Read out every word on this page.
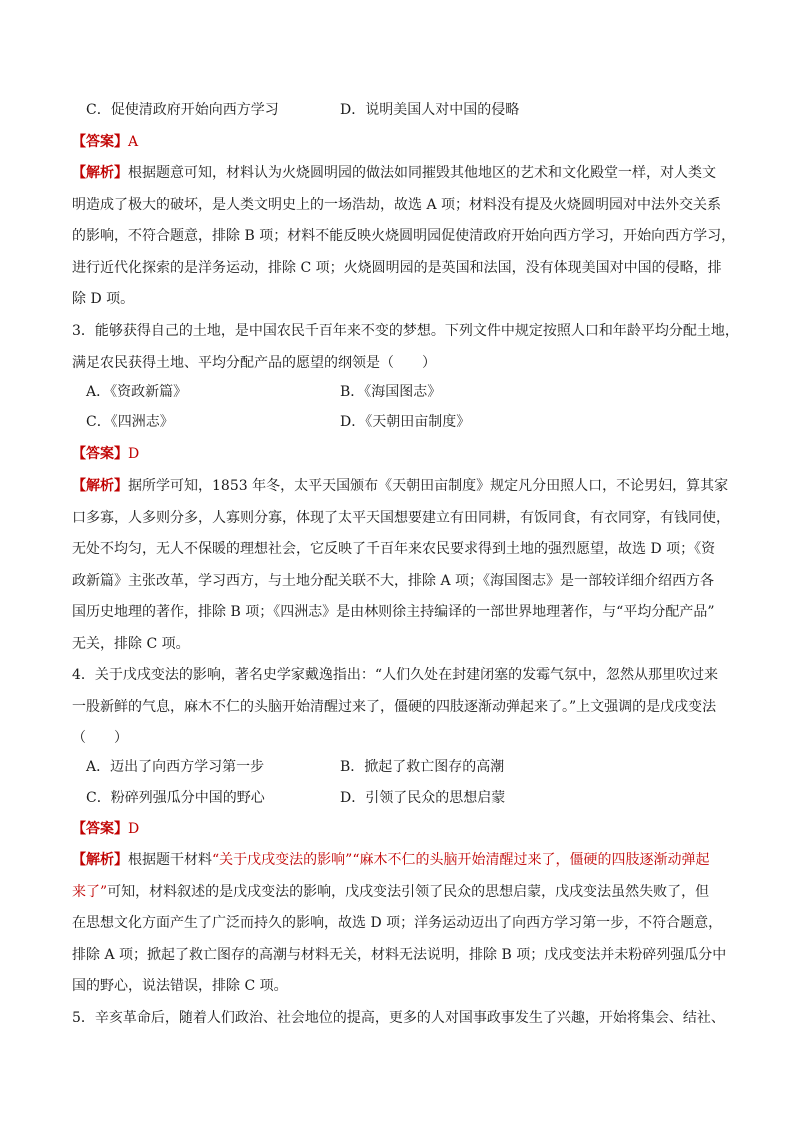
C．促使清政府开始向西方学习	D．说明美国人对中国的侵略
【答案】A
【解析】根据题意可知，材料认为火烧圆明园的做法如同摧毁其他地区的艺术和文化殿堂一样，对人类文
明造成了极大的破坏，是人类文明史上的一场浩劫，故选 A 项；材料没有提及火烧圆明园对中法外交关系
的影响，不符合题意，排除 B 项；材料不能反映火烧圆明园促使清政府开始向西方学习，开始向西方学习，
进行近代化探索的是洋务运动，排除 C 项；火烧圆明园的是英国和法国，没有体现美国对中国的侵略，排
除 D 项。
3．能够获得自己的土地，是中国农民千百年来不变的梦想。下列文件中规定按照人口和年龄平均分配土地，
满足农民获得土地、平均分配产品的愿望的纲领是（　　）
A．《资政新篇》	B．《海国图志》
C．《四洲志》	D．《天朝田亩制度》
【答案】D
【解析】据所学可知，1853 年冬，太平天国颁布《天朝田亩制度》规定凡分田照人口，不论男妇，算其家
口多寡，人多则分多，人寡则分寡，体现了太平天国想要建立有田同耕，有饭同食，有衣同穿，有钱同使，
无处不均匀，无人不保暖的理想社会，它反映了千百年来农民要求得到土地的强烈愿望，故选 D 项；《资
政新篇》主张改革，学习西方，与土地分配关联不大，排除 A 项；《海国图志》是一部较详细介绍西方各
国历史地理的著作，排除 B 项；《四洲志》是由林则徐主持编译的一部世界地理著作，与“平均分配产品”
无关，排除 C 项。
4．关于戊戌变法的影响，著名史学家戴逸指出：“人们久处在封建闭塞的发霉气氛中，忽然从那里吹过来
一股新鲜的气息，麻木不仁的头脑开始清醒过来了，僵硬的四肢逐渐动弹起来了。”上文强调的是戊戌变法
（　　）
A．迈出了向西方学习第一步	B．掀起了救亡图存的高潮
C．粉碎列强瓜分中国的野心	D．引领了民众的思想启蒙
【答案】D
【解析】根据题干材料“关于戊戌变法的影响”“麻木不仁的头脑开始清醒过来了，僵硬的四肢逐渐动弹起
来了”可知，材料叙述的是戊戌变法的影响，戊戌变法引领了民众的思想启蒙，戊戌变法虽然失败了，但
在思想文化方面产生了广泛而持久的影响，故选 D 项；洋务运动迈出了向西方学习第一步，不符合题意，
排除 A 项；掀起了救亡图存的高潮与材料无关，材料无法说明，排除 B 项；戊戌变法并未粉碎列强瓜分中
国的野心，说法错误，排除 C 项。
5．辛亥革命后，随着人们政治、社会地位的提高，更多的人对国事政事发生了兴趣，开始将集会、结社、
